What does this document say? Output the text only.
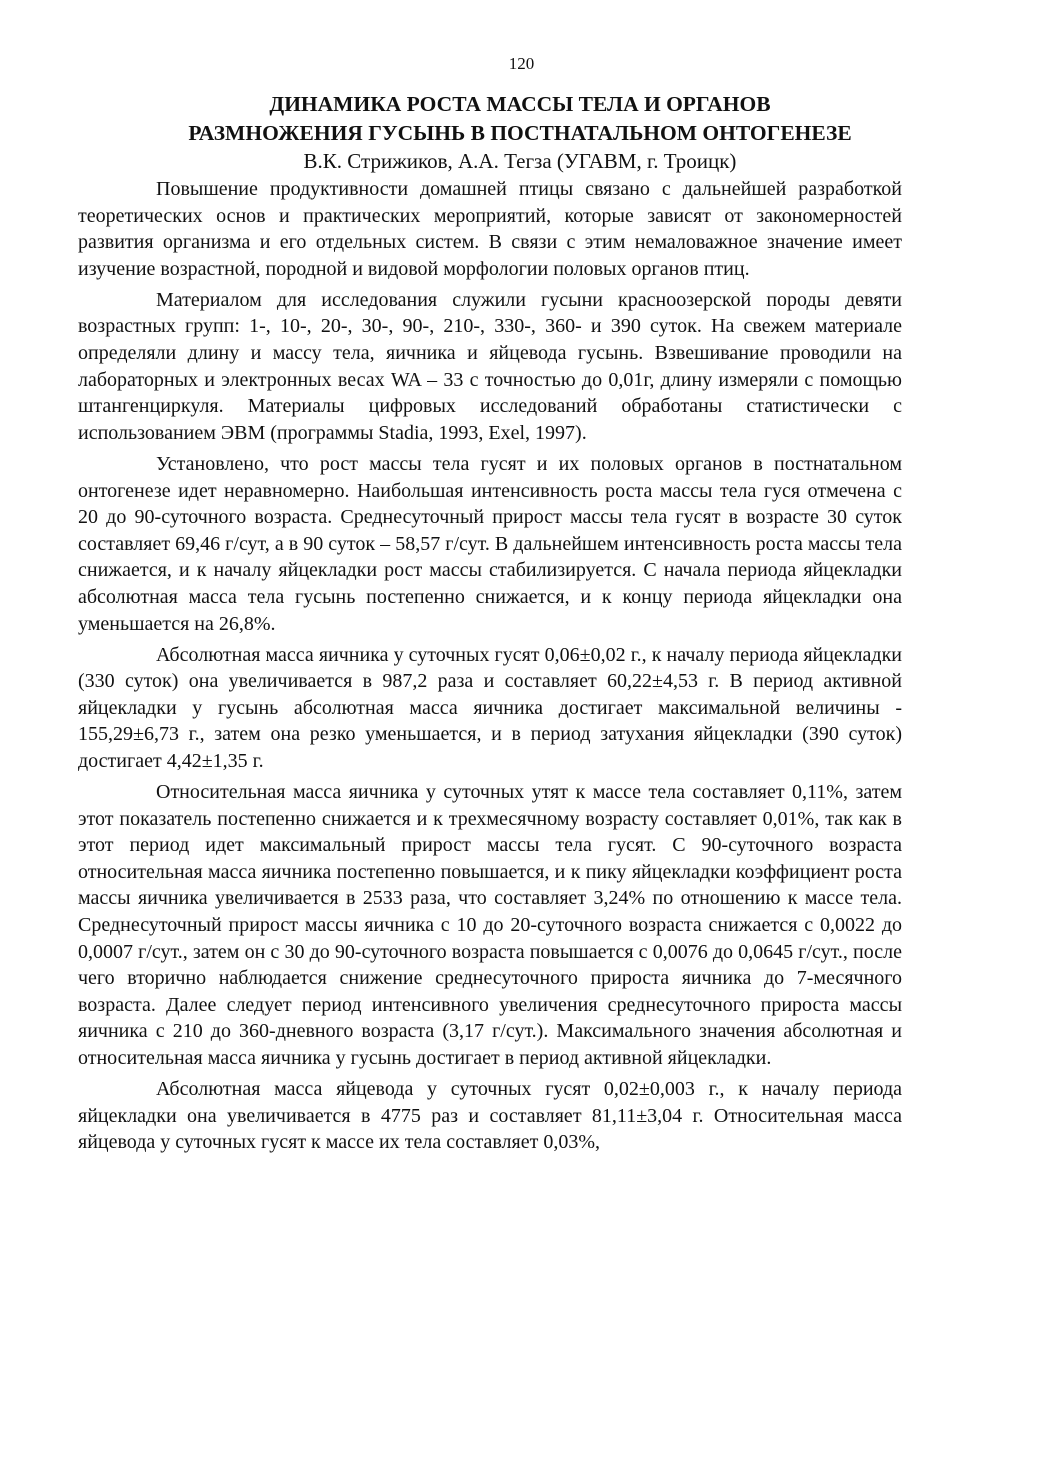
120
ДИНАМИКА РОСТА МАССЫ ТЕЛА И ОРГАНОВ
РАЗМНОЖЕНИЯ ГУСЫНЬ В ПОСТНАТАЛЬНОМ ОНТОГЕНЕЗЕ
В.К. Стрижиков, А.А. Тегза (УГАВМ, г. Троицк)

Повышение продуктивности домашней птицы связано с дальнейшей разработкой теоретических основ и практических мероприятий, которые зависят от закономерностей развития организма и его отдельных систем. В связи с этим немаловажное значение имеет изучение возрастной, породной и видовой морфологии половых органов птиц.

Материалом для исследования служили гусыни красноозерской породы девяти возрастных групп: 1-, 10-, 20-, 30-, 90-, 210-, 330-, 360- и 390 суток. На свежем материале определяли длину и массу тела, яичника и яйцевода гусынь. Взвешивание проводили на лабораторных и электронных весах WA – 33 с точностью до 0,01г, длину измеряли с помощью штангенциркуля. Материалы цифровых исследований обработаны статистически с использованием ЭВМ (программы Stadia, 1993, Exel, 1997).

Установлено, что рост массы тела гусят и их половых органов в постнатальном онтогенезе идет неравномерно. Наибольшая интенсивность роста массы тела гуся отмечена с 20 до 90-суточного возраста. Среднесуточный прирост массы тела гусят в возрасте 30 суток составляет 69,46 г/сут, а в 90 суток – 58,57 г/сут. В дальнейшем интенсивность роста массы тела снижается, и к началу яйцекладки рост массы стабилизируется. С начала периода яйцекладки абсолютная масса тела гусынь постепенно снижается, и к концу периода яйцекладки она уменьшается на 26,8%.

Абсолютная масса яичника у суточных гусят 0,06±0,02 г., к началу периода яйцекладки (330 суток) она увеличивается в 987,2 раза и составляет 60,22±4,53 г. В период активной яйцекладки у гусынь абсолютная масса яичника достигает максимальной величины - 155,29±6,73 г., затем она резко уменьшается, и в период затухания яйцекладки (390 суток) достигает 4,42±1,35 г.

Относительная масса яичника у суточных утят к массе тела составляет 0,11%, затем этот показатель постепенно снижается и к трехмесячному возрасту составляет 0,01%, так как в этот период идет максимальный прирост массы тела гусят. С 90-суточного возраста относительная масса яичника постепенно повышается, и к пику яйцекладки коэффициент роста массы яичника увеличивается в 2533 раза, что составляет 3,24% по отношению к массе тела. Среднесуточный прирост массы яичника с 10 до 20-суточного возраста снижается с 0,0022 до 0,0007 г/сут., затем он с 30 до 90-суточного возраста повышается с 0,0076 до 0,0645 г/сут., после чего вторично наблюдается снижение среднесуточного прироста яичника до 7-месячного возраста. Далее следует период интенсивного увеличения среднесуточного прироста массы яичника с 210 до 360-дневного возраста (3,17 г/сут.). Максимального значения абсолютная и относительная масса яичника у гусынь достигает в период активной яйцекладки.

Абсолютная масса яйцевода у суточных гусят 0,02±0,003 г., к началу периода яйцекладки она увеличивается в 4775 раз и составляет 81,11±3,04 г. Относительная масса яйцевода у суточных гусят к массе их тела составляет 0,03%,
